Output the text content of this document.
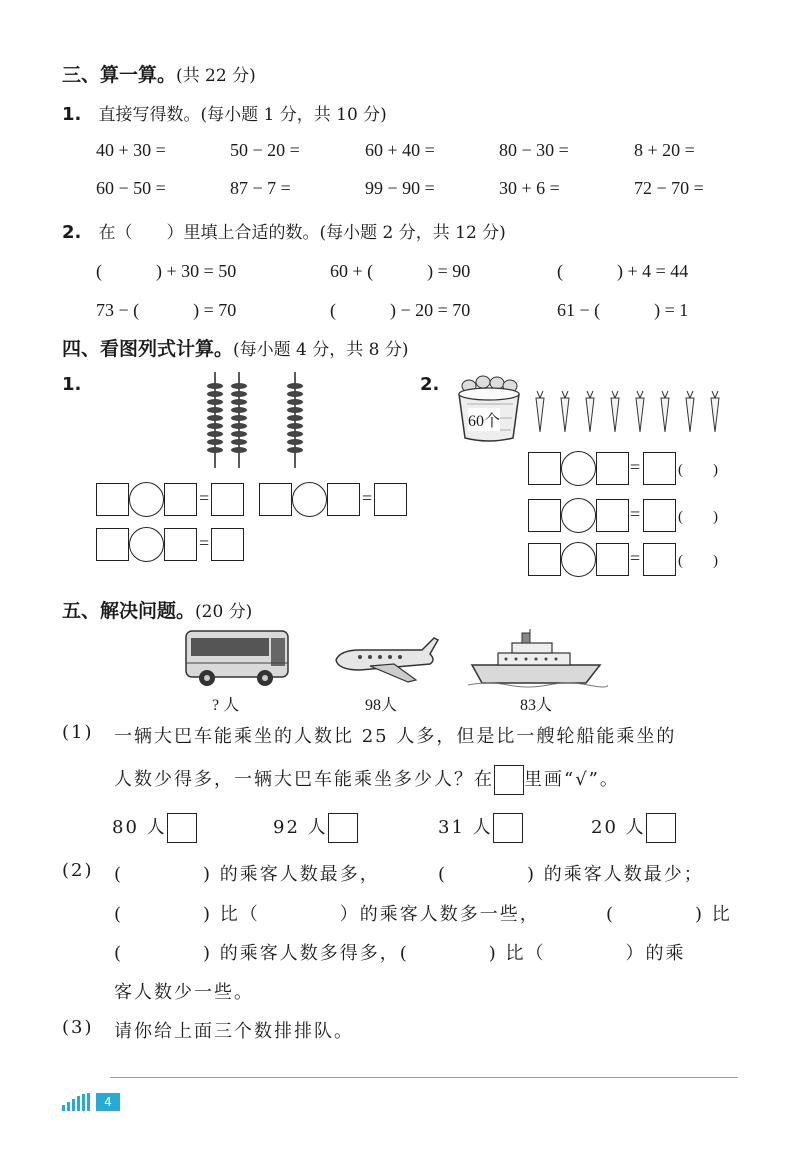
三、算一算。(共 22 分)
1. 直接写得数。(每小题 1 分，共 10 分)
40 + 30 =	50 − 20 =	60 + 40 =	80 − 30 =	8 + 20 =
60 − 50 =	87 − 7 =	99 − 90 =	30 + 6 =	72 − 70 =
2. 在（　　）里填上合适的数。(每小题 2 分，共 12 分)
(　　　) + 30 = 50	60 + (　　　) = 90	(　　　) + 4 = 44
73 − (　　　) = 70	(　　　) − 20 = 70	61 − (　　　) = 1
四、看图列式计算。(每小题 4 分，共 8 分)
1.
=	=
=
2.
60个
=	(　　)
=	(　　)
=	(　　)
五、解决问题。(20 分)
? 人	98人	83人
(1) 一辆大巴车能乘坐的人数比 25 人多，但是比一艘轮船能乘坐的
人数少得多，一辆大巴车能乘坐多少人？在 里画“√”。
80 人	92 人	31 人	20 人
(2) (　　　　) 的乘客人数最多，	(　　　　) 的乘客人数最少；
(　　　　) 比（　　　　）的乘客人数多一些，	(　　　　) 比
(　　　　) 的乘客人数多得多，(　　　　) 比（　　　　）的乘
客人数少一些。
(3) 请你给上面三个数排排队。
4
